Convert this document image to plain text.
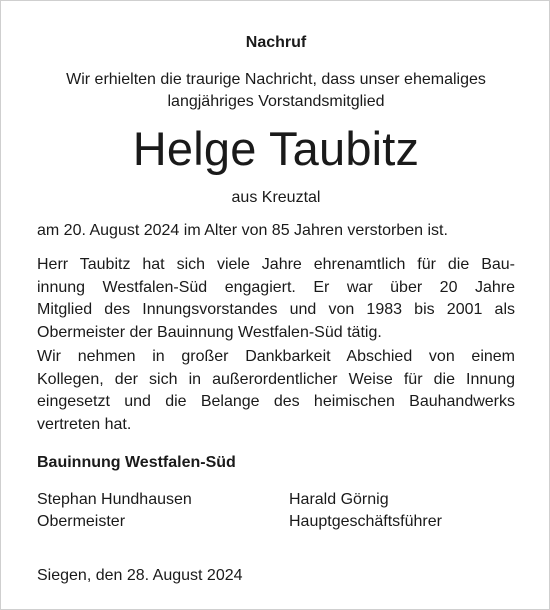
Nachruf
Wir erhielten die traurige Nachricht, dass unser ehemaliges
langjähriges Vorstandsmitglied
Helge Taubitz
aus Kreuztal
am 20. August 2024 im Alter von 85 Jahren verstorben ist.
Herr Taubitz hat sich viele Jahre ehrenamtlich für die Bau-
innung Westfalen-Süd engagiert. Er war über 20 Jahre
Mitglied des Innungsvorstandes und von 1983 bis 2001 als
Obermeister der Bauinnung Westfalen-Süd tätig.
Wir nehmen in großer Dankbarkeit Abschied von einem
Kollegen, der sich in außerordentlicher Weise für die Innung
eingesetzt und die Belange des heimischen Bauhandwerks
vertreten hat.
Bauinnung Westfalen-Süd
Stephan Hundhausen
Obermeister
Harald Görnig
Hauptgeschäftsführer
Siegen, den 28. August 2024
